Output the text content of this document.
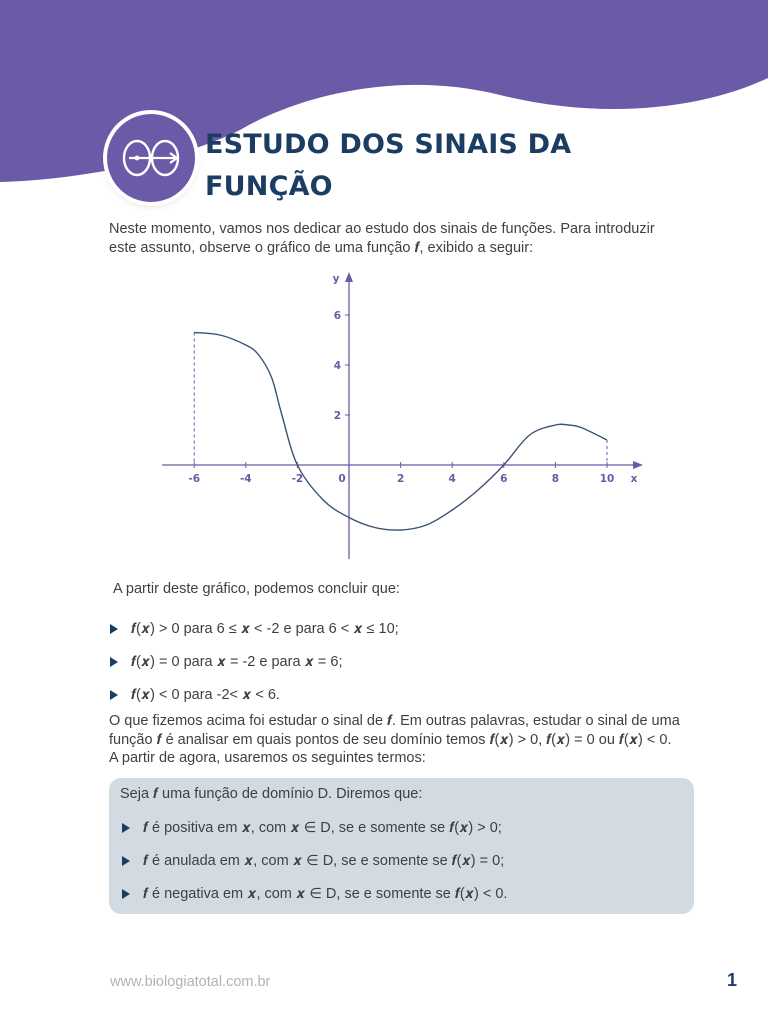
ESTUDO DOS SINAIS DA
FUNÇÃO

Neste momento, vamos nos dedicar ao estudo dos sinais de funções. Para introduzir
este assunto, observe o gráfico de uma função 𝒇, exibido a seguir:

x
y
-6	-4	-2	0	2	4	6	8	10
2
4
6
A partir deste gráfico, podemos concluir que:
𝒇(𝒙) > 0 para 6 ≤ 𝒙 < -2 e para 6 < 𝒙 ≤ 10;
𝒇(𝒙) = 0 para 𝒙 = -2 e para 𝒙 = 6;
𝒇(𝒙) < 0 para -2< 𝒙 < 6.

O que fizemos acima foi estudar o sinal de 𝒇. Em outras palavras, estudar o sinal de uma
função 𝒇 é analisar em quais pontos de seu domínio temos 𝒇(𝒙) > 0, 𝒇(𝒙) = 0 ou 𝒇(𝒙) < 0.
A partir de agora, usaremos os seguintes termos:

Seja 𝒇 uma função de domínio D. Diremos que:
𝒇 é positiva em 𝒙, com 𝒙 ∈ D, se e somente se 𝒇(𝒙) > 0;
𝒇 é anulada em 𝒙, com 𝒙 ∈ D, se e somente se 𝒇(𝒙) = 0;
𝒇 é negativa em 𝒙, com 𝒙 ∈ D, se e somente se 𝒇(𝒙) < 0.
www.biologiatotal.com.br	1
